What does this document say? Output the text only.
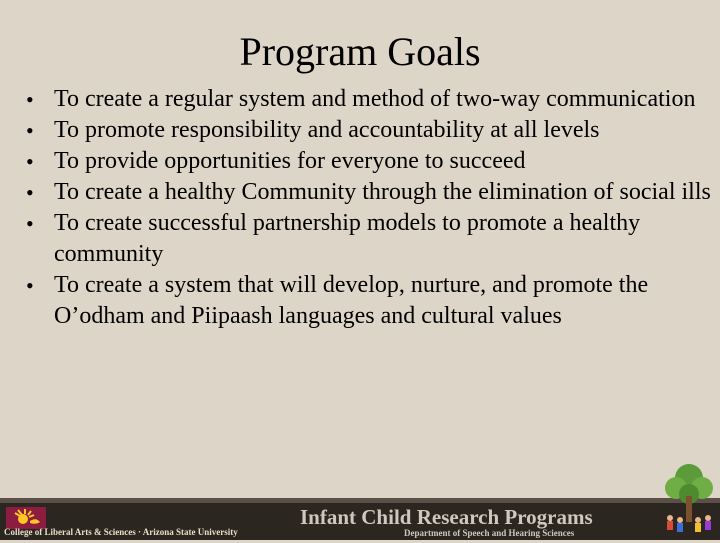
Program Goals
• To create a regular system and method of two-way communication
• To promote responsibility and accountability at all levels
• To provide opportunities for everyone to succeed
• To create a healthy Community through the elimination of social ills
• To create successful partnership models to promote a healthy community
• To create a system that will develop, nurture, and promote the O’odham and Piipaash languages and cultural values
College of Liberal Arts & Sciences · Arizona State University
Infant Child Research Programs
Department of Speech and Hearing Sciences
